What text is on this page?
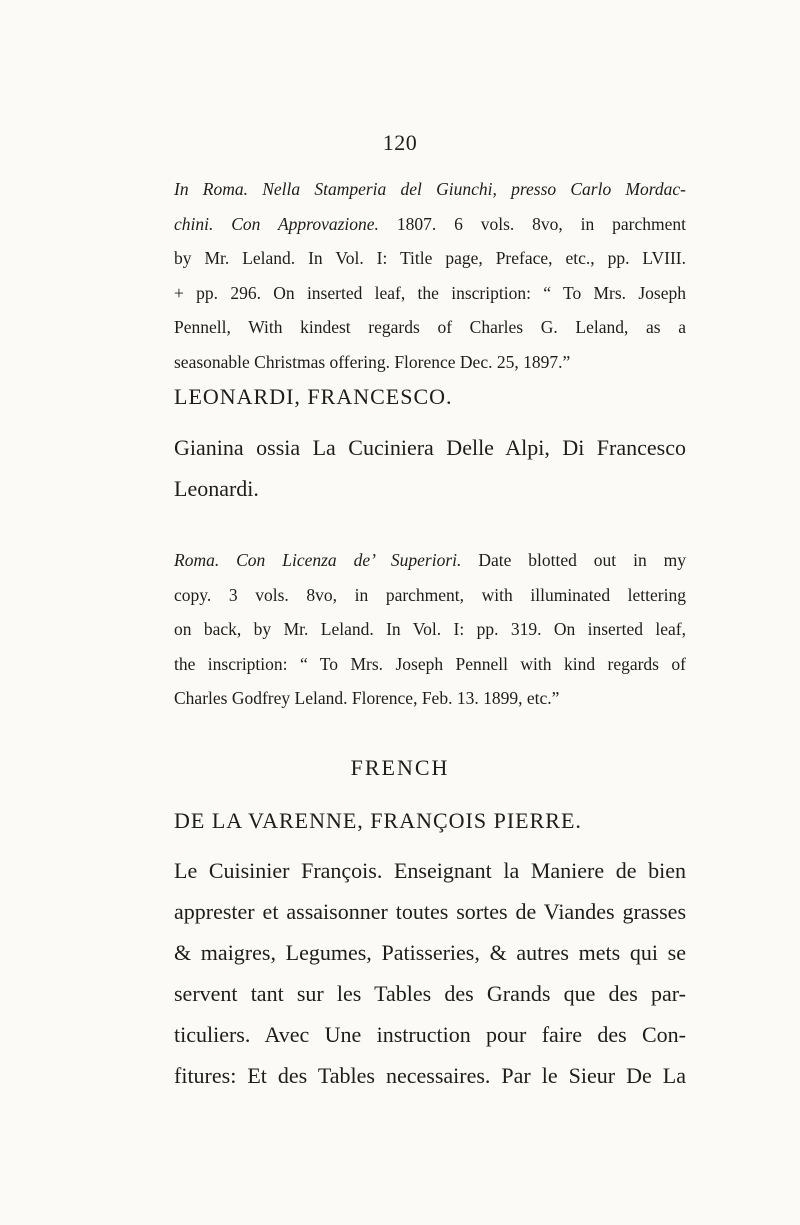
120
In Roma. Nella Stamperia del Giunchi, presso Carlo Mordac-
chini. Con Approvazione. 1807. 6 vols. 8vo, in parchment
by Mr. Leland. In Vol. I: Title page, Preface, etc., pp. LVIII.
+ pp. 296. On inserted leaf, the inscription: “ To Mrs. Joseph
Pennell, With kindest regards of Charles G. Leland, as a
seasonable Christmas offering. Florence Dec. 25, 1897.”
LEONARDI, FRANCESCO.
Gianina ossia La Cuciniera Delle Alpi, Di Francesco
Leonardi.
Roma. Con Licenza de’ Superiori. Date blotted out in my
copy. 3 vols. 8vo, in parchment, with illuminated lettering
on back, by Mr. Leland. In Vol. I: pp. 319. On inserted leaf,
the inscription: “ To Mrs. Joseph Pennell with kind regards of
Charles Godfrey Leland. Florence, Feb. 13. 1899, etc.”
FRENCH
DE LA VARENNE, FRANÇOIS PIERRE.
Le Cuisinier François. Enseignant la Maniere de bien
apprester et assaisonner toutes sortes de Viandes grasses
& maigres, Legumes, Patisseries, & autres mets qui se
servent tant sur les Tables des Grands que des par-
ticuliers. Avec Une instruction pour faire des Con-
fitures: Et des Tables necessaires. Par le Sieur De La
